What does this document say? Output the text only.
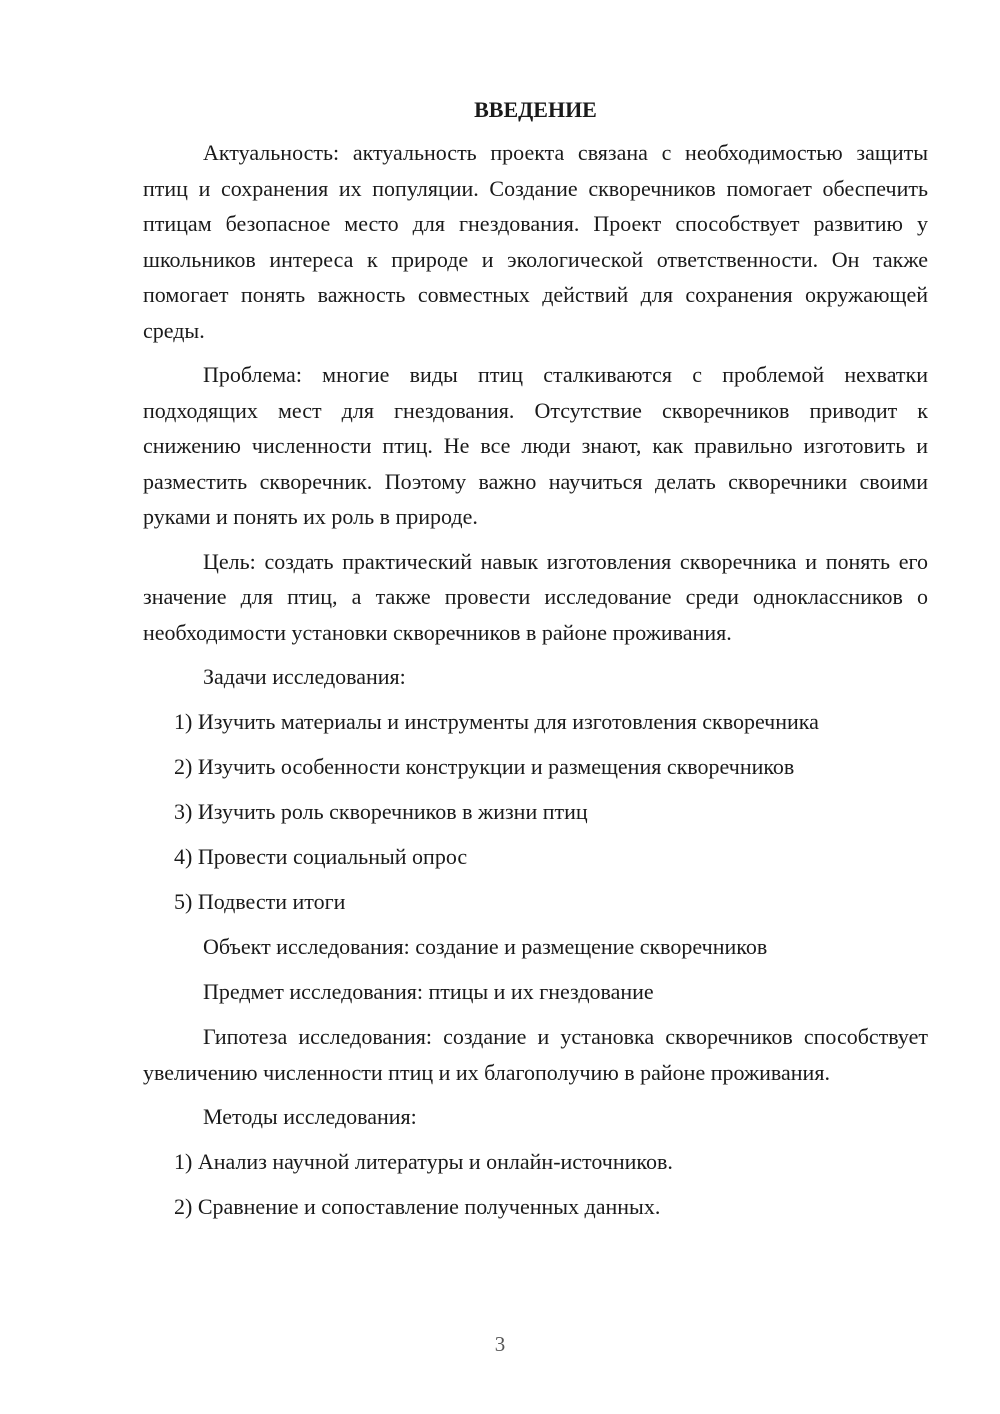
ВВЕДЕНИЕ

Актуальность: актуальность проекта связана с необходимостью защиты птиц и сохранения их популяции. Создание скворечников помогает обеспечить птицам безопасное место для гнездования. Проект способствует развитию у школьников интереса к природе и экологической ответственности. Он также помогает понять важность совместных действий для сохранения окружающей среды.

Проблема: многие виды птиц сталкиваются с проблемой нехватки подходящих мест для гнездования. Отсутствие скворечников приводит к снижению численности птиц. Не все люди знают, как правильно изготовить и разместить скворечник. Поэтому важно научиться делать скворечники своими руками и понять их роль в природе.

Цель: создать практический навык изготовления скворечника и понять его значение для птиц, а также провести исследование среди одноклассников о необходимости установки скворечников в районе проживания.

Задачи исследования:
1) Изучить материалы и инструменты для изготовления скворечника
2) Изучить особенности конструкции и размещения скворечников
3) Изучить роль скворечников в жизни птиц
4) Провести социальный опрос
5) Подвести итоги
Объект исследования: создание и размещение скворечников
Предмет исследования: птицы и их гнездование

Гипотеза исследования: создание и установка скворечников способствует увеличению численности птиц и их благополучию в районе проживания.

Методы исследования:
1) Анализ научной литературы и онлайн-источников.
2) Сравнение и сопоставление полученных данных.
3
